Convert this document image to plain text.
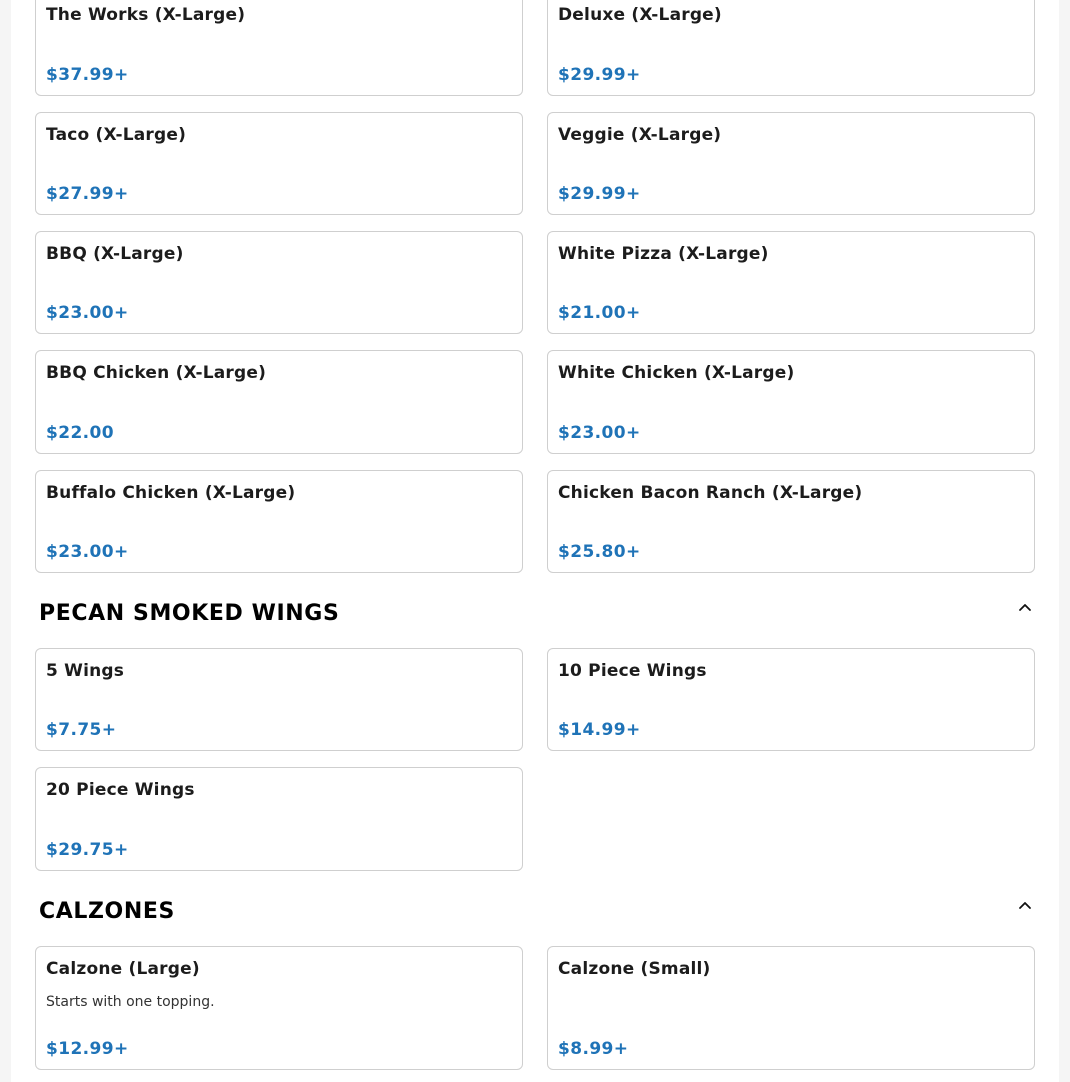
The Works (X-Large)
$37.99+
Deluxe (X-Large)
$29.99+
Taco (X-Large)
$27.99+
Veggie (X-Large)
$29.99+
BBQ (X-Large)
$23.00+
White Pizza (X-Large)
$21.00+
BBQ Chicken (X-Large)
$22.00
White Chicken (X-Large)
$23.00+
Buffalo Chicken (X-Large)
$23.00+
Chicken Bacon Ranch (X-Large)
$25.80+
PECAN SMOKED WINGS
5 Wings
$7.75+
10 Piece Wings
$14.99+
20 Piece Wings
$29.75+
CALZONES
Calzone (Large)
Starts with one topping.
$12.99+
Calzone (Small)
$8.99+
